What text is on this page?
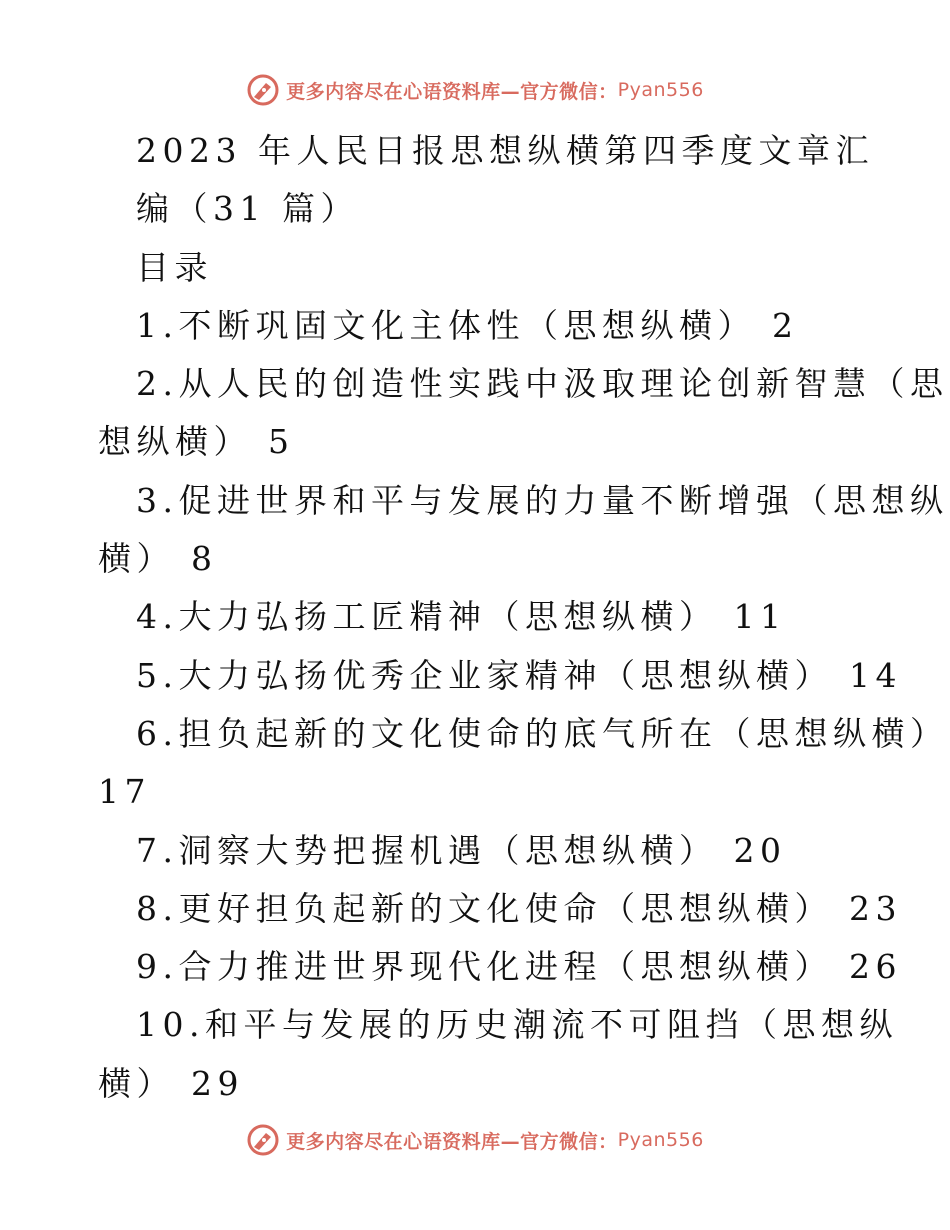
更多内容尽在心语资料库—官方微信： Pyan556
2023 年人民日报思想纵横第四季度文章汇
编（31 篇）
目录
1.不断巩固文化主体性（思想纵横） 2
2.从人民的创造性实践中汲取理论创新智慧（思
想纵横） 5
3.促进世界和平与发展的力量不断增强（思想纵
横） 8
4.大力弘扬工匠精神（思想纵横） 11
5.大力弘扬优秀企业家精神（思想纵横） 14
6.担负起新的文化使命的底气所在（思想纵横）
17
7.洞察大势把握机遇（思想纵横） 20
8.更好担负起新的文化使命（思想纵横） 23
9.合力推进世界现代化进程（思想纵横） 26
10.和平与发展的历史潮流不可阻挡（思想纵
横） 29
更多内容尽在心语资料库—官方微信： Pyan556
